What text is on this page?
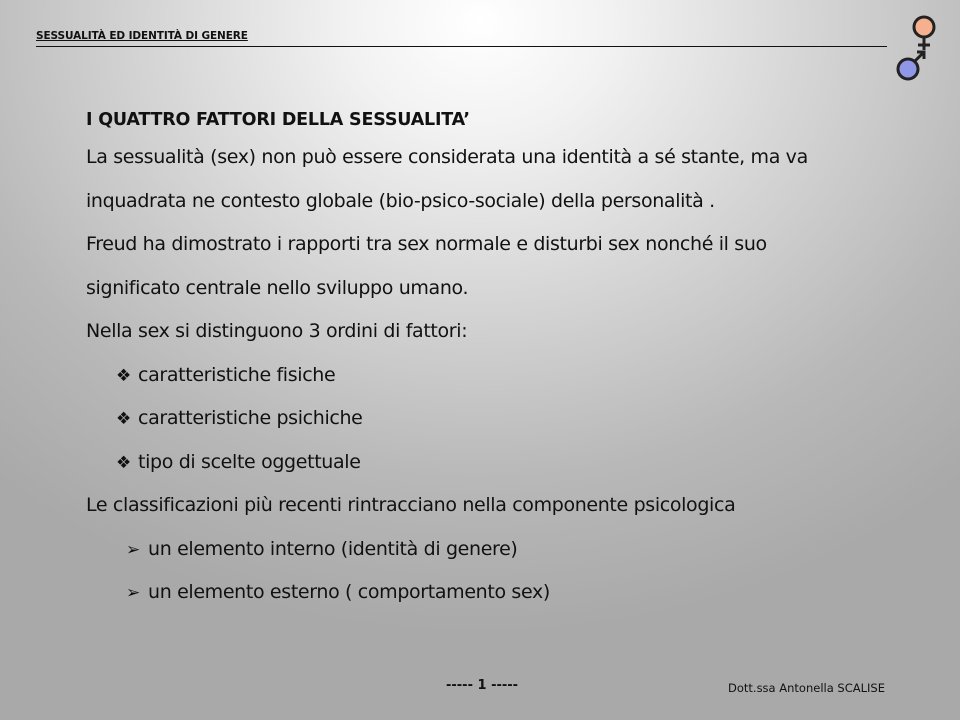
SESSUALITÀ ED IDENTITÀ DI GENERE
I QUATTRO FATTORI DELLA SESSUALITA’
La sessualità (sex) non può essere considerata una identità a sé stante, ma va
inquadrata ne contesto globale (bio-psico-sociale) della personalità .
Freud ha dimostrato i rapporti tra sex normale e disturbi sex nonché il suo
significato centrale nello sviluppo umano.
Nella sex si distinguono 3 ordini di fattori:
❖ caratteristiche fisiche
❖ caratteristiche psichiche
❖ tipo di scelte oggettuale
Le classificazioni più recenti rintracciano nella componente psicologica
➢ un elemento interno (identità di genere)
➢ un elemento esterno ( comportamento sex)
----- 1 -----	Dott.ssa Antonella SCALISE
